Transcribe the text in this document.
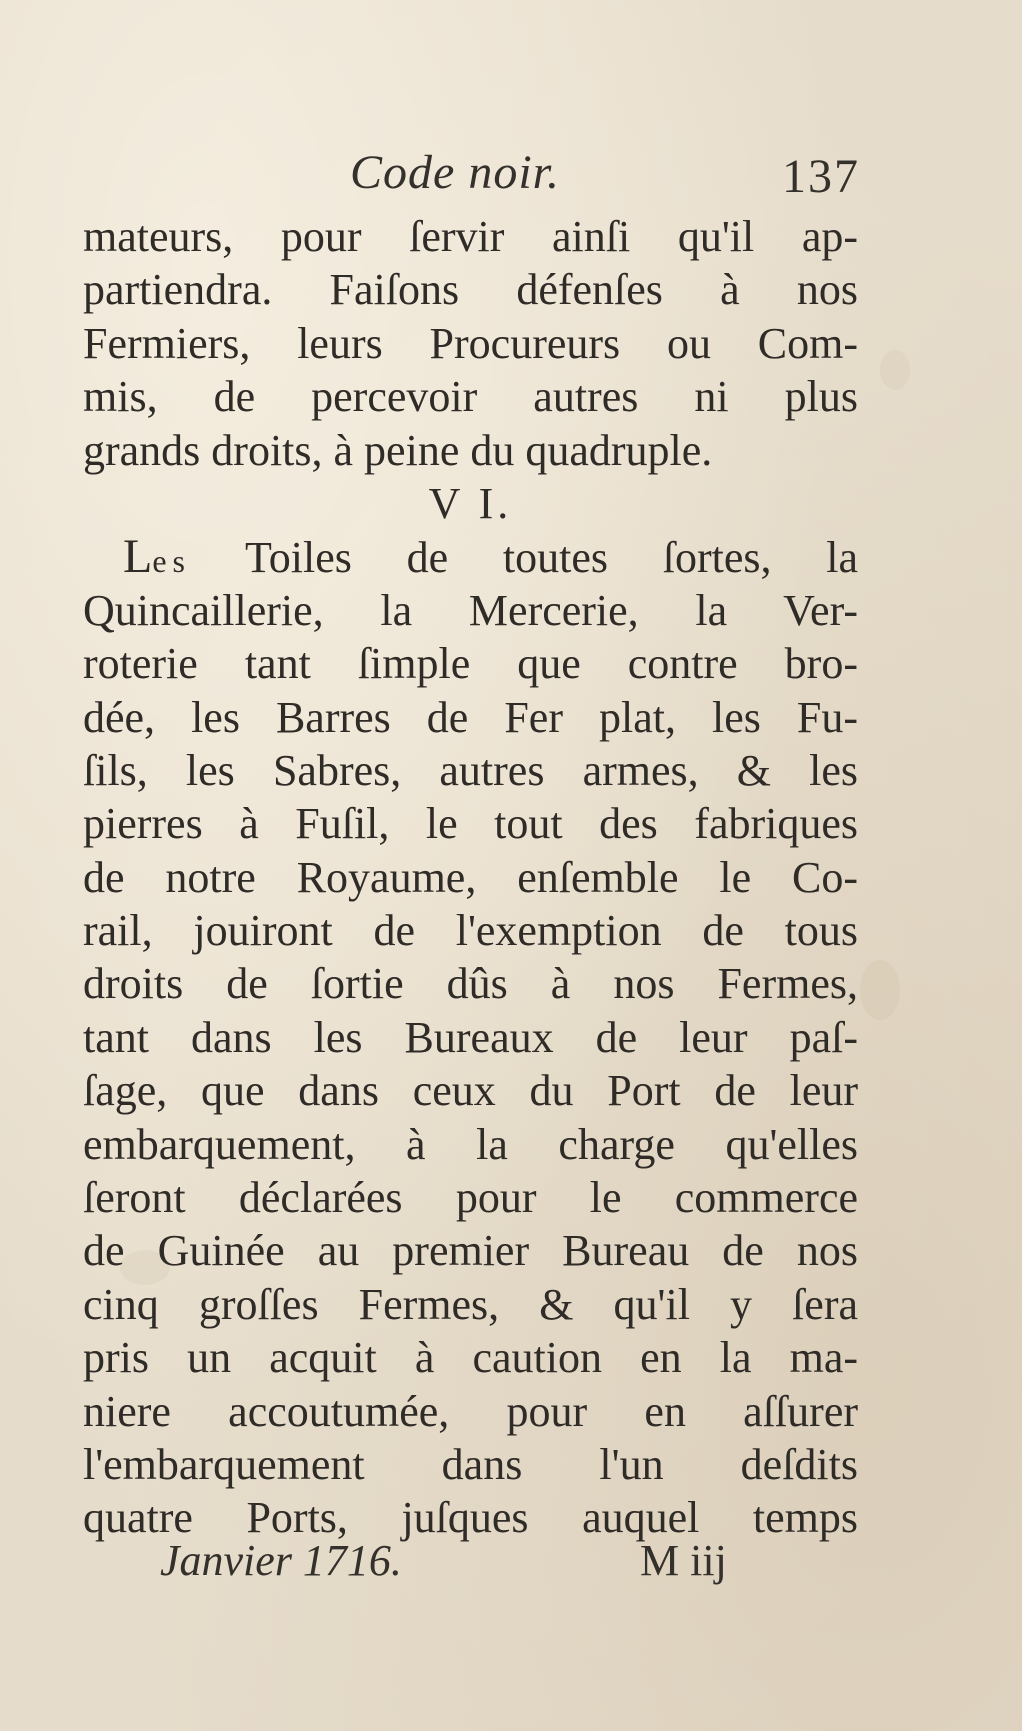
Code noir.	137
mateurs, pour ſervir ainſi qu'il ap-
partiendra. Faiſons défenſes à nos
Fermiers, leurs Procureurs ou Com-
mis, de percevoir autres ni plus
grands droits, à peine du quadruple.
V I.
Les Toiles de toutes ſortes, la
Quincaillerie, la Mercerie, la Ver-
roterie tant ſimple que contre bro-
dée, les Barres de Fer plat, les Fu-
ſils, les Sabres, autres armes, & les
pierres à Fuſil, le tout des fabriques
de notre Royaume, enſemble le Co-
rail, jouiront de l'exemption de tous
droits de ſortie dûs à nos Fermes,
tant dans les Bureaux de leur paſ-
ſage, que dans ceux du Port de leur
embarquement, à la charge qu'elles
ſeront déclarées pour le commerce
de Guinée au premier Bureau de nos
cinq groſſes Fermes, & qu'il y ſera
pris un acquit à caution en la ma-
niere accoutumée, pour en aſſurer
l'embarquement dans l'un deſdits
quatre Ports, juſques auquel temps
Janvier 1716.	M iij
